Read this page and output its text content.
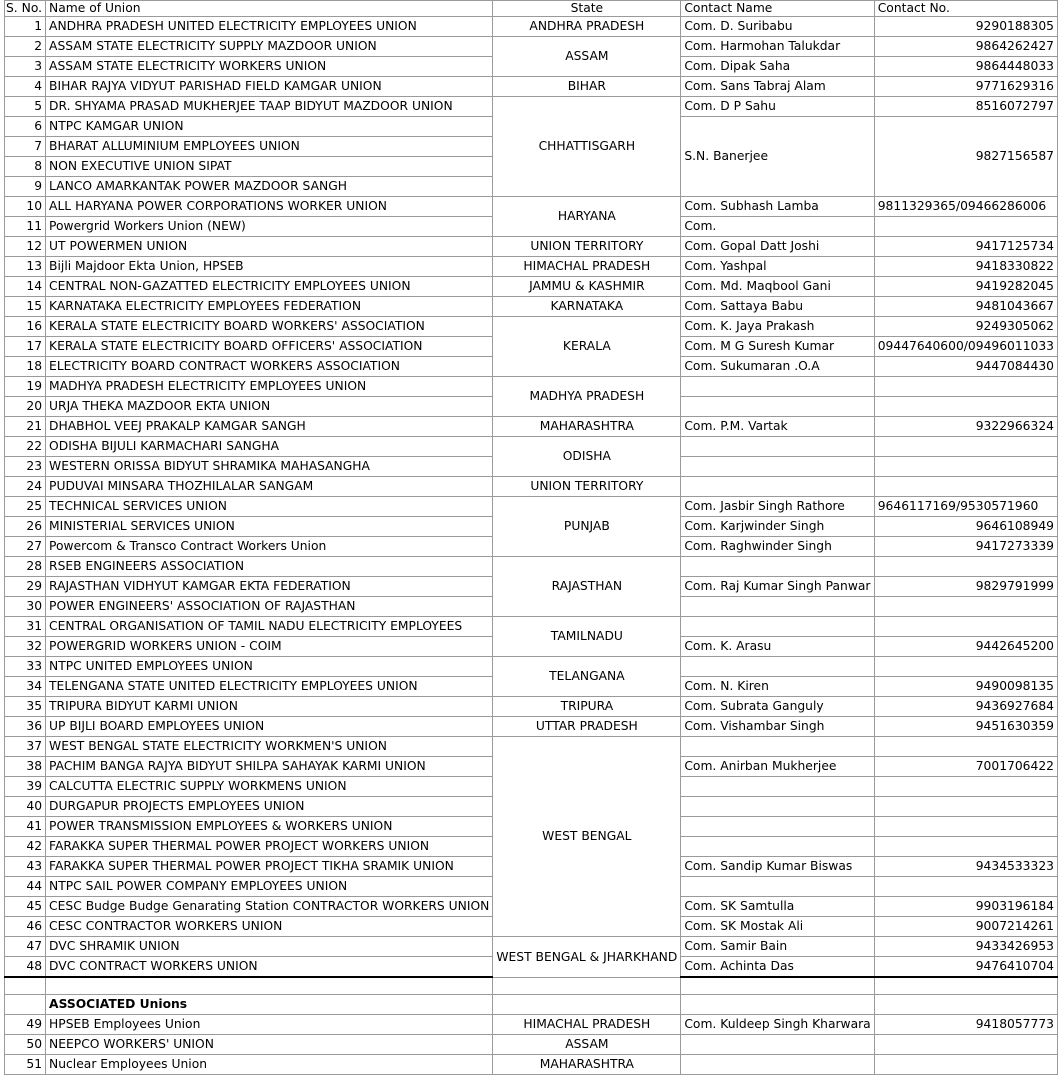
S. No.	Name of Union	State	Contact Name	Contact No.
1	ANDHRA PRADESH UNITED ELECTRICITY EMPLOYEES UNION	ANDHRA PRADESH	Com. D. Suribabu	9290188305
2	ASSAM STATE ELECTRICITY SUPPLY MAZDOOR UNION	ASSAM	Com. Harmohan Talukdar	9864262427
3	ASSAM STATE ELECTRICITY WORKERS UNION		Com. Dipak Saha	9864448033
4	BIHAR RAJYA VIDYUT PARISHAD FIELD KAMGAR UNION	BIHAR	Com. Sans Tabraj Alam	9771629316
5	DR. SHYAMA PRASAD MUKHERJEE TAAP BIDYUT MAZDOOR UNION	CHHATTISGARH	Com. D P Sahu	8516072797
6	NTPC KAMGAR UNION		S.N. Banerjee	9827156587
7	BHARAT ALLUMINIUM EMPLOYEES UNION			
8	NON EXECUTIVE UNION SIPAT			
9	LANCO AMARKANTAK POWER MAZDOOR SANGH			
10	ALL HARYANA POWER CORPORATIONS WORKER UNION	HARYANA	Com. Subhash Lamba	9811329365/09466286006
11	Powergrid Workers Union (NEW)		Com.	
12	UT POWERMEN UNION	UNION TERRITORY	Com. Gopal Datt Joshi	9417125734
13	Bijli Majdoor Ekta Union, HPSEB	HIMACHAL PRADESH	Com. Yashpal	9418330822
14	CENTRAL NON-GAZATTED ELECTRICITY EMPLOYEES UNION	JAMMU & KASHMIR	Com. Md. Maqbool Gani	9419282045
15	KARNATAKA ELECTRICITY EMPLOYEES FEDERATION	KARNATAKA	Com. Sattaya Babu	9481043667
16	KERALA STATE ELECTRICITY BOARD WORKERS' ASSOCIATION	KERALA	Com. K. Jaya Prakash	9249305062
17	KERALA STATE ELECTRICITY BOARD OFFICERS' ASSOCIATION		Com. M G Suresh Kumar	09447640600/09496011033
18	ELECTRICITY BOARD CONTRACT WORKERS ASSOCIATION		Com. Sukumaran .O.A	9447084430
19	MADHYA PRADESH ELECTRICITY EMPLOYEES UNION	MADHYA PRADESH		
20	URJA THEKA MAZDOOR EKTA UNION			
21	DHABHOL VEEJ PRAKALP KAMGAR SANGH	MAHARASHTRA	Com. P.M. Vartak	9322966324
22	ODISHA BIJULI KARMACHARI SANGHA	ODISHA		
23	WESTERN ORISSA BIDYUT SHRAMIKA MAHASANGHA			
24	PUDUVAI MINSARA THOZHILALAR SANGAM	UNION TERRITORY		
25	TECHNICAL SERVICES UNION	PUNJAB	Com. Jasbir Singh Rathore	9646117169/9530571960
26	MINISTERIAL SERVICES UNION		Com. Karjwinder Singh	9646108949
27	Powercom & Transco Contract Workers Union		Com. Raghwinder Singh	9417273339
28	RSEB ENGINEERS ASSOCIATION	RAJASTHAN		
29	RAJASTHAN VIDHYUT KAMGAR EKTA FEDERATION		Com. Raj Kumar Singh Panwar	9829791999
30	POWER ENGINEERS' ASSOCIATION OF RAJASTHAN			
31	CENTRAL ORGANISATION OF TAMIL NADU ELECTRICITY EMPLOYEES	TAMILNADU		
32	POWERGRID WORKERS UNION - COIM		Com. K. Arasu	9442645200
33	NTPC UNITED EMPLOYEES UNION	TELANGANA		
34	TELENGANA STATE UNITED ELECTRICITY EMPLOYEES UNION		Com. N. Kiren	9490098135
35	TRIPURA BIDYUT KARMI UNION	TRIPURA	Com. Subrata Ganguly	9436927684
36	UP BIJLI BOARD EMPLOYEES UNION	UTTAR PRADESH	Com. Vishambar Singh	9451630359
37	WEST BENGAL STATE ELECTRICITY WORKMEN'S UNION	WEST BENGAL		
38	PACHIM BANGA RAJYA BIDYUT SHILPA SAHAYAK KARMI UNION		Com. Anirban Mukherjee	7001706422
39	CALCUTTA ELECTRIC SUPPLY WORKMENS UNION			
40	DURGAPUR PROJECTS EMPLOYEES UNION			
41	POWER TRANSMISSION EMPLOYEES & WORKERS UNION			
42	FARAKKA SUPER THERMAL POWER PROJECT WORKERS UNION			
43	FARAKKA SUPER THERMAL POWER PROJECT TIKHA SRAMIK UNION		Com. Sandip Kumar Biswas	9434533323
44	NTPC SAIL POWER COMPANY EMPLOYEES UNION			
45	CESC Budge Budge Genarating Station CONTRACTOR WORKERS UNION		Com. SK Samtulla	9903196184
46	CESC CONTRACTOR WORKERS UNION		Com. SK Mostak Ali	9007214261
47	DVC SHRAMIK UNION	WEST BENGAL & JHARKHAND	Com. Samir Bain	9433426953
48	DVC CONTRACT WORKERS UNION		Com. Achinta Das	9476410704

	ASSOCIATED Unions			
49	HPSEB Employees Union	HIMACHAL PRADESH	Com. Kuldeep Singh Kharwara	9418057773
50	NEEPCO WORKERS' UNION	ASSAM		
51	Nuclear Employees Union	MAHARASHTRA		
